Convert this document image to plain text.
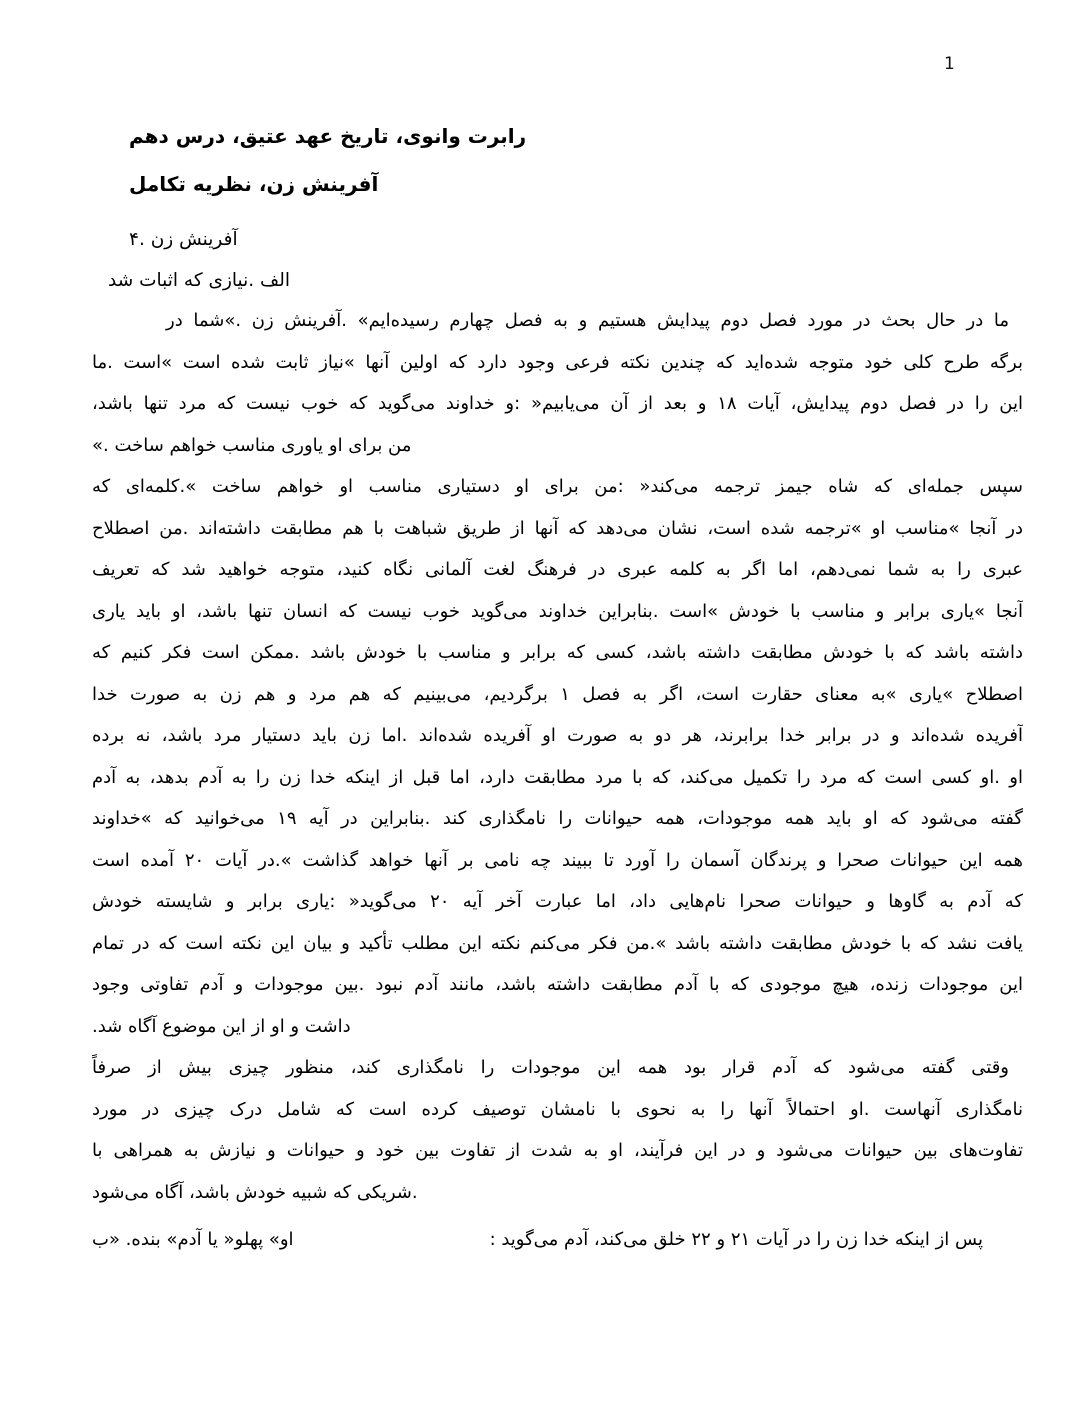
1
رابرت وانوی، تاریخ عهد عتیق، درس دهم
آفرینش زن، نظریه تکامل
آفرینش زن .۴
الف .نیازی که اثبات شد
ما در حال بحث در مورد فصل دوم پیدایش هستیم و به فصل چهارم رسیده‌ایم» .آفرینش زن .»شما در
برگه طرح کلی خود متوجه شده‌اید که چندین نکته فرعی وجود دارد که اولین آنها »نیاز ثابت شده است »است .ما
این را در فصل دوم پیدایش، آیات ۱۸ و بعد از آن می‌یابیم« :و خداوند می‌گوید که خوب نیست که مرد تنها باشد،
من برای او یاوری مناسب خواهم ساخت .»
سپس جمله‌ای که شاه جیمز ترجمه می‌کند« :من برای او دستیاری مناسب او خواهم ساخت ».کلمه‌ای که
در آنجا »مناسب او »ترجمه شده است، نشان می‌دهد که آنها از طریق شباهت با هم مطابقت داشته‌اند .من اصطلاح
عبری را به شما نمی‌دهم، اما اگر به کلمه عبری در فرهنگ لغت آلمانی نگاه کنید، متوجه خواهید شد که تعریف
آنجا »یاری برابر و مناسب با خودش »است .بنابراین خداوند می‌گوید خوب نیست که انسان تنها باشد، او باید یاری
داشته باشد که با خودش مطابقت داشته باشد، کسی که برابر و مناسب با خودش باشد .ممکن است فکر کنیم که
اصطلاح »یاری »به معنای حقارت است، اگر به فصل ۱ برگردیم، می‌بینیم که هم مرد و هم زن به صورت خدا
آفریده شده‌اند و در برابر خدا برابرند، هر دو به صورت او آفریده شده‌اند .اما زن باید دستیار مرد باشد، نه برده
او .او کسی است که مرد را تکمیل می‌کند، که با مرد مطابقت دارد، اما قبل از اینکه خدا زن را به آدم بدهد، به آدم
گفته می‌شود که او باید همه موجودات، همه حیوانات را نامگذاری کند .بنابراین در آیه ۱۹ می‌خوانید که »خداوند
همه این حیوانات صحرا و پرندگان آسمان را آورد تا ببیند چه نامی بر آنها خواهد گذاشت ».در آیات ۲۰ آمده است
که آدم به گاوها و حیوانات صحرا نام‌هایی داد، اما عبارت آخر آیه ۲۰ می‌گوید« :یاری برابر و شایسته خودش
یافت نشد که با خودش مطابقت داشته باشد ».من فکر می‌کنم نکته این مطلب تأکید و بیان این نکته است که در تمام
این موجودات زنده، هیچ موجودی که با آدم مطابقت داشته باشد، مانند آدم نبود .بین موجودات و آدم تفاوتی وجود
داشت و او از این موضوع آگاه شد.
وقتی گفته می‌شود که آدم قرار بود همه این موجودات را نامگذاری کند، منظور چیزی بیش از صرفاً
نامگذاری آنهاست .او احتمالاً آنها را به نحوی با نامشان توصیف کرده است که شامل درک چیزی در مورد
تفاوت‌های بین حیوانات می‌شود و در این فرآیند، او به شدت از تفاوت بین خود و حیوانات و نیازش به همراهی با
.شریکی که شبیه خودش باشد، آگاه می‌شود
او» پهلو« یا آدم» بنده. «ب	پس از اینکه خدا زن را در آیات ۲۱ و ۲۲ خلق می‌کند، آدم می‌گوید :
